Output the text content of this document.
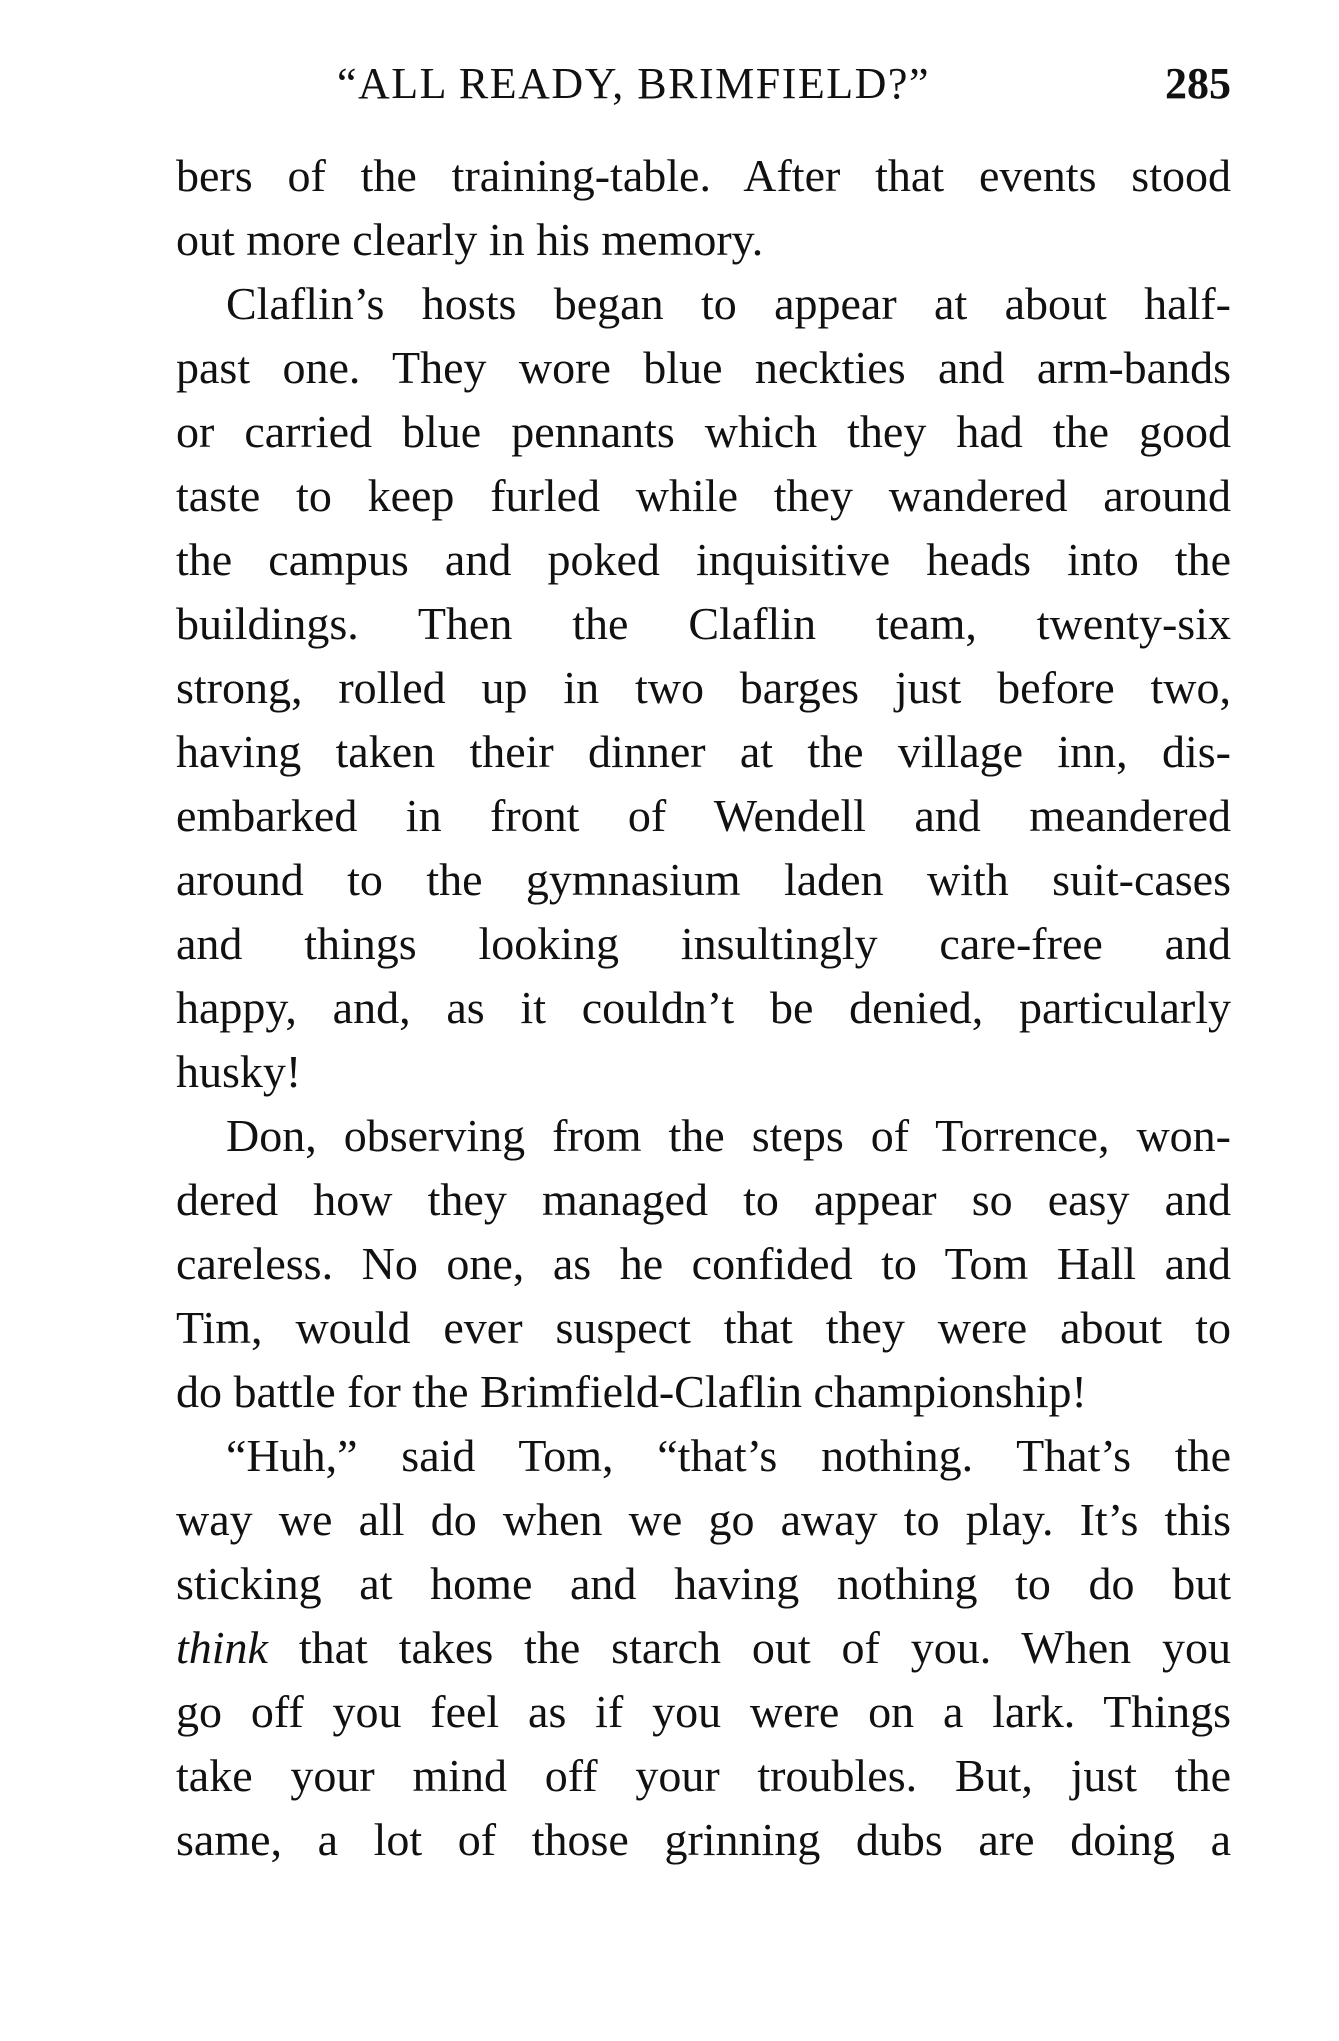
“ALL READY, BRIMFIELD?”	285
bers of the training-table. After that events stood
out more clearly in his memory.
Claflin’s hosts began to appear at about half-
past one. They wore blue neckties and arm-bands
or carried blue pennants which they had the good
taste to keep furled while they wandered around
the campus and poked inquisitive heads into the
buildings. Then the Claflin team, twenty-six
strong, rolled up in two barges just before two,
having taken their dinner at the village inn, dis-
embarked in front of Wendell and meandered
around to the gymnasium laden with suit-cases
and things looking insultingly care-free and
happy, and, as it couldn’t be denied, particularly
husky!
Don, observing from the steps of Torrence, won-
dered how they managed to appear so easy and
careless. No one, as he confided to Tom Hall and
Tim, would ever suspect that they were about to
do battle for the Brimfield-Claflin championship!
“Huh,” said Tom, “that’s nothing. That’s the
way we all do when we go away to play. It’s this
sticking at home and having nothing to do but
think that takes the starch out of you. When you
go off you feel as if you were on a lark. Things
take your mind off your troubles. But, just the
same, a lot of those grinning dubs are doing a
